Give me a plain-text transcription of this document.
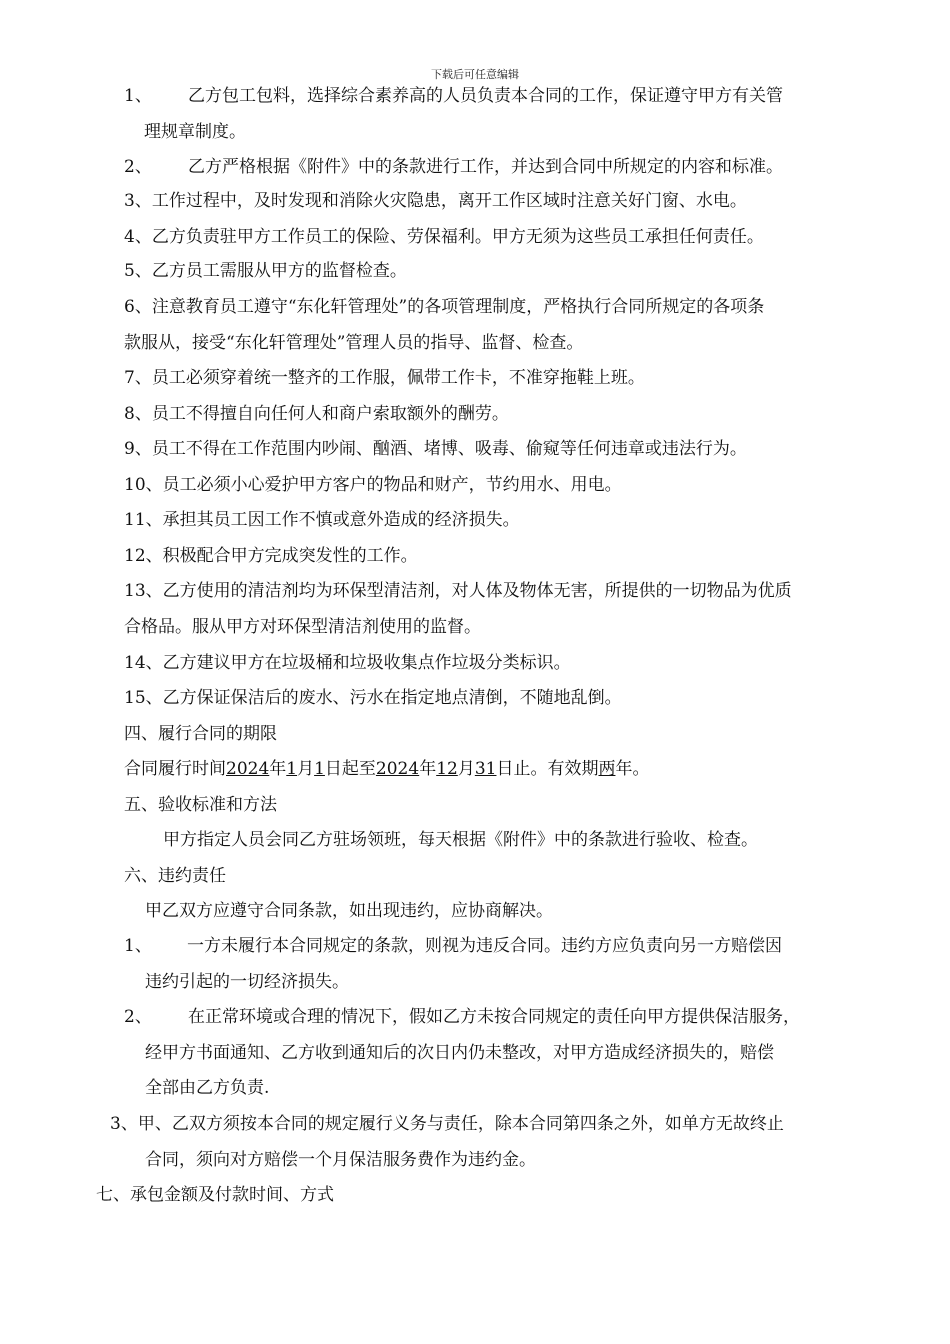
下载后可任意编辑
1、 乙方包工包料，选择综合素养高的人员负责本合同的工作，保证遵守甲方有关管
理规章制度。
2、 乙方严格根据《附件》中的条款进行工作，并达到合同中所规定的内容和标准。
3、工作过程中，及时发现和消除火灾隐患，离开工作区域时注意关好门窗、水电。
4、乙方负责驻甲方工作员工的保险、劳保福利。甲方无须为这些员工承担任何责任。
5、乙方员工需服从甲方的监督检查。
6、注意教育员工遵守“东化轩管理处”的各项管理制度，严格执行合同所规定的各项条
款服从，接受“东化轩管理处”管理人员的指导、监督、检查。
7、员工必须穿着统一整齐的工作服，佩带工作卡，不准穿拖鞋上班。
8、员工不得擅自向任何人和商户索取额外的酬劳。
9、员工不得在工作范围内吵闹、酗酒、堵博、吸毒、偷窥等任何违章或违法行为。
10、员工必须小心爱护甲方客户的物品和财产，节约用水、用电。
11、承担其员工因工作不慎或意外造成的经济损失。
12、积极配合甲方完成突发性的工作。
13、乙方使用的清洁剂均为环保型清洁剂，对人体及物体无害，所提供的一切物品为优质
合格品。服从甲方对环保型清洁剂使用的监督。
14、乙方建议甲方在垃圾桶和垃圾收集点作垃圾分类标识。
15、乙方保证保洁后的废水、污水在指定地点清倒，不随地乱倒。
四、履行合同的期限
合同履行时间2024年1月1日起至2024年12月31日止。有效期两年。
五、验收标准和方法
甲方指定人员会同乙方驻场领班，每天根据《附件》中的条款进行验收、检查。
六、违约责任
甲乙双方应遵守合同条款，如出现违约，应协商解决。
1、 一方未履行本合同规定的条款，则视为违反合同。违约方应负责向另一方赔偿因
违约引起的一切经济损失。
2、 在正常环境或合理的情况下，假如乙方未按合同规定的责任向甲方提供保洁服务，
经甲方书面通知、乙方收到通知后的次日内仍未整改，对甲方造成经济损失的，赔偿
全部由乙方负责.
3、甲、乙双方须按本合同的规定履行义务与责任，除本合同第四条之外，如单方无故终止
合同，须向对方赔偿一个月保洁服务费作为违约金。
七、承包金额及付款时间、方式
